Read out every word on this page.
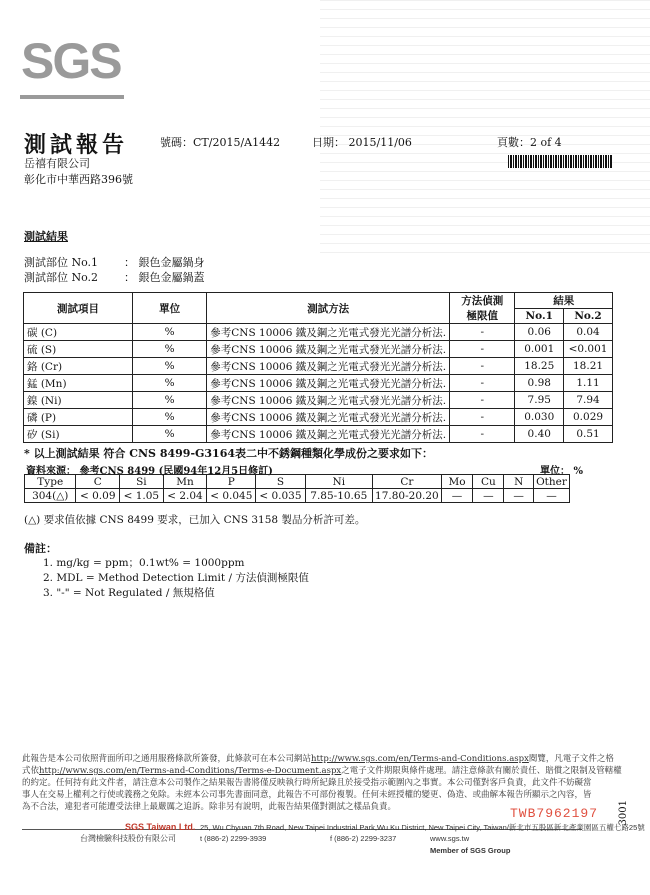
SGS
測試報告	號碼：CT/2015/A1442	日期： 2015/11/06	頁數：2 of 4
岳禧有限公司
彰化市中華西路396號
測試結果
測試部位 No.1 ： 銀色金屬鍋身
測試部位 No.2 ： 銀色金屬鍋蓋
測試項目	單位	測試方法	方法偵測
極限值	結果	
				No.1	No.2
碳 (C)	%	參考CNS 10006 鐵及鋼之光電式發光光譜分析法.	-	0.06	0.04
硫 (S)	%	參考CNS 10006 鐵及鋼之光電式發光光譜分析法.	-	0.001	<0.001
鉻 (Cr)	%	參考CNS 10006 鐵及鋼之光電式發光光譜分析法.	-	18.25	18.21
錳 (Mn)	%	參考CNS 10006 鐵及鋼之光電式發光光譜分析法.	-	0.98	1.11
鎳 (Ni)	%	參考CNS 10006 鐵及鋼之光電式發光光譜分析法.	-	7.95	7.94
磷 (P)	%	參考CNS 10006 鐵及鋼之光電式發光光譜分析法.	-	0.030	0.029
矽 (Si)	%	參考CNS 10006 鐵及鋼之光電式發光光譜分析法.	-	0.40	0.51
* 以上測試結果 符合 CNS 8499-G3164表二中不銹鋼種類化學成份之要求如下：
資料來源： 參考CNS 8499 (民國94年12月5日修訂)	單位： %
Type	C	Si	Mn	P	S	Ni	Cr	Mo	Cu	N	Other
304(△)	< 0.09	< 1.05	< 2.04	< 0.045	< 0.035	7.85-10.65	17.80-20.20	—	—	—	—
(△) 要求值依據 CNS 8499 要求，已加入 CNS 3158 製品分析許可差。
備註：
1. mg/kg = ppm；0.1wt% = 1000ppm
2. MDL = Method Detection Limit / 方法偵測極限值
3. "-" = Not Regulated / 無規格值
此報告是本公司依照背面所印之通用服務條款所簽發，此條款可在本公司網站http://www.sgs.com/en/Terms-and-Conditions.aspx閱覽，凡電子文件之格
式依http://www.sgs.com/en/Terms-and-Conditions/Terms-e-Document.aspx之電子文件期限與條件處理。請注意條款有關於責任、賠償之限制及管轄權
的約定。任何持有此文件者，請注意本公司製作之結果報告書將僅反映執行時所紀錄且於接受指示範圍內之事實。本公司僅對客戶負責，此文件不妨礙當
事人在交易上權利之行使或義務之免除。未經本公司事先書面同意，此報告不可部份複製。任何未經授權的變更、偽造、或曲解本報告所顯示之內容，皆
為不合法，違犯者可能遭受法律上最嚴厲之追訴。除非另有說明，此報告結果僅對測試之樣品負責。	TWB7962197 3001
SGS Taiwan Ltd.
台灣檢驗科技股份有限公司
25, Wu Chyuan 7th Road, New Taipei Industrial Park,Wu Ku District, New Taipei City, Taiwan/新北市五股區新北產業園區五權七路25號
t (886-2) 2299-3939	f (886-2) 2299-3237	www.sgs.tw
Member of SGS Group
